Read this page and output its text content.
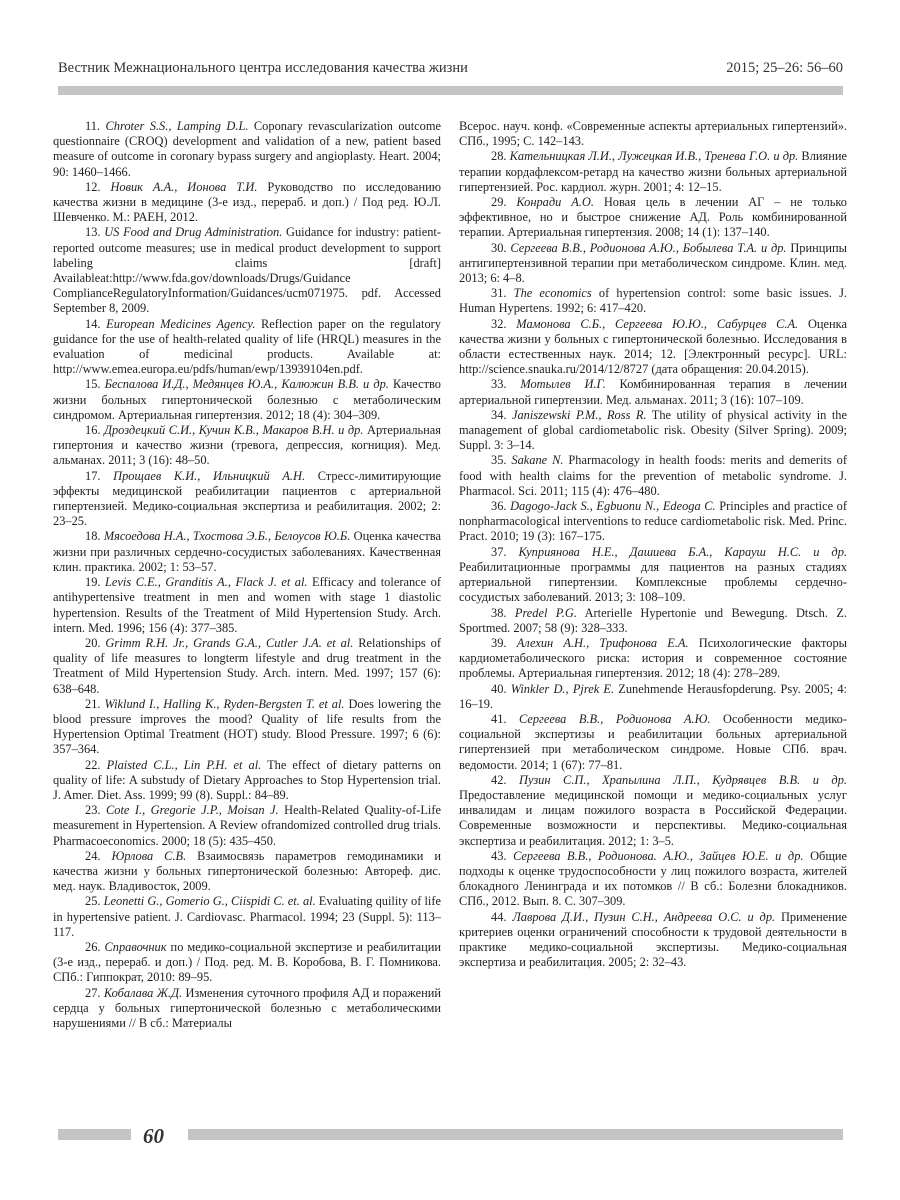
Вестник Межнационального центра исследования качества жизни	2015; 25–26: 56–60

11. Chroter S.S., Lamping D.L. Coponary revascularization outcome questionnaire (CROQ) development and validation of a new, patient based measure of outcome in coronary bypass surgery and angioplasty. Heart. 2004; 90: 1460–1466.

12. Новик А.А., Ионова Т.И. Руководство по исследованию качества жизни в медицине (3-е изд., перераб. и доп.) / Под ред. Ю.Л. Шевченко. М.: РАЕН, 2012.

13. US Food and Drug Administration. Guidance for industry: patient-reported outcome measures; use in medical product development to support labeling claims [draft] Availableat:http://www.fda.gov/downloads/Drugs/Guidance ComplianceRegulatoryInformation/Guidances/ucm071975. pdf. Accessed September 8, 2009.

14. European Medicines Agency. Reflection paper on the regulatory guidance for the use of health-related quality of life (HRQL) measures in the evaluation of medicinal products. Available at: http://www.emea.europa.eu/pdfs/human/ewp/13939104en.pdf.

15. Беспалова И.Д., Медянцев Ю.А., Калюжин В.В. и др. Качество жизни больных гипертонической болезнью с метаболическим синдромом. Артериальная гипертензия. 2012; 18 (4): 304–309.

16. Дроздецкий С.И., Кучин К.В., Макаров В.Н. и др. Артериальная гипертония и качество жизни (тревога, депрессия, когниция). Мед. альманах. 2011; 3 (16): 48–50.

17. Прощаев К.И., Ильницкий А.Н. Стресс-лимитирующие эффекты медицинской реабилитации пациентов с артериальной гипертензией. Медико-социальная экспертиза и реабилитация. 2002; 2: 23–25.

18. Мясоедова Н.А., Тхостова Э.Б., Белоусов Ю.Б. Оценка качества жизни при различных сердечно-сосудистых заболеваниях. Качественная клин. практика. 2002; 1: 53–57.

19. Levis C.E., Granditis A., Flack J. et al. Efficacy and tolerance of antihypertensive treatment in men and women with stage 1 diastolic hypertension. Results of the Treatment of Mild Hypertension Study. Arch. intern. Med. 1996; 156 (4): 377–385.

20. Grimm R.H. Jr., Grands G.A., Cutler J.A. et al. Relationships of quality of life measures to longterm lifestyle and drug treatment in the Treatment of Mild Hypertension Study. Arch. intern. Med. 1997; 157 (6): 638–648.

21. Wiklund I., Halling K., Ryden-Bergsten T. et al. Does lowering the blood pressure improves the mood? Quality of life results from the Hypertension Optimal Treatment (HOT) study. Blood Pressure. 1997; 6 (6): 357–364.

22. Plaisted C.L., Lin P.H. et al. The effect of dietary patterns on quality of life: A substudy of Dietary Approaches to Stop Hypertension trial. J. Amer. Diet. Ass. 1999; 99 (8). Suppl.: 84–89.

23. Cote I., Gregorie J.P., Moisan J. Health-Related Quality-of-Life measurement in Hypertension. A Review ofrandomized controlled drug trials. Pharmacoeconomics. 2000; 18 (5): 435–450.

24. Юрлова С.В. Взаимосвязь параметров гемодинамики и качества жизни у больных гипертонической болезнью: Автореф. дис. мед. наук. Владивосток, 2009.

25. Leonetti G., Gomerio G., Ciispidi C. et. al. Evaluating quility of life in hypertensive patient. J. Cardiovasc. Pharmacol. 1994; 23 (Suppl. 5): 113–117.

26. Справочник по медико-социальной экспертизе и реабилитации (3-е изд., перераб. и доп.) / Под. ред. М. В. Коробова, В. Г. Помникова. СПб.: Гиппократ, 2010: 89–95.

27. Кобалава Ж.Д. Изменения суточного профиля АД и поражений сердца у больных гипертонической болезнью с метаболическими нарушениями // В сб.: Материалы

Всерос. науч. конф. «Современные аспекты артериальных гипертензий». СПб., 1995; С. 142–143.

28. Кательницкая Л.И., Лужецкая И.В., Тренева Г.О. и др. Влияние терапии кордафлексом-ретард на качество жизни больных артериальной гипертензией. Рос. кардиол. журн. 2001; 4: 12–15.

29. Конради А.О. Новая цель в лечении АГ – не только эффективное, но и быстрое снижение АД. Роль комбинированной терапии. Артериальная гипертензия. 2008; 14 (1): 137–140.

30. Сергеева В.В., Родионова А.Ю., Бобылева Т.А. и др. Принципы антигипертензивной терапии при метаболическом синдроме. Клин. мед. 2013; 6: 4–8.

31. The economics of hypertension control: some basic issues. J. Human Hypertens. 1992; 6: 417–420.

32. Мамонова С.Б., Сергеева Ю.Ю., Сабурцев С.А. Оценка качества жизни у больных с гипертонической болезнью. Исследования в области естественных наук. 2014; 12. [Электронный ресурс]. URL: http://science.snauka.ru/2014/12/8727 (дата обращения: 20.04.2015).

33. Мотылев И.Г. Комбинированная терапия в лечении артериальной гипертензии. Мед. альманах. 2011; 3 (16): 107–109.

34. Janiszewski P.M., Ross R. The utility of physical activity in the management of global cardiometabolic risk. Obesity (Silver Spring). 2009; Suppl. 3: 3–14.

35. Sakane N. Pharmacology in health foods: merits and demerits of food with health claims for the prevention of metabolic syndrome. J. Pharmacol. Sci. 2011; 115 (4): 476–480.

36. Dagogo-Jack S., Egbuonu N., Edeoga C. Principles and practice of nonpharmacological interventions to reduce cardiometabolic risk. Med. Princ. Pract. 2010; 19 (3): 167–175.

37. Куприянова Н.Е., Дашиева Б.А., Карауш Н.С. и др. Реабилитационные программы для пациентов на разных стадиях артериальной гипертензии. Комплексные проблемы сердечно-сосудистых заболеваний. 2013; 3: 108–109.

38. Predel P.G. Arterielle Hypertonie und Bewegung. Dtsch. Z. Sportmed. 2007; 58 (9): 328–333.

39. Алехин А.Н., Трифонова Е.А. Психологические факторы кардиометаболического риска: история и современное состояние проблемы. Артериальная гипертензия. 2012; 18 (4): 278–289.

40. Winkler D., Pjrek E. Zunehmende Herausfopderung. Psy. 2005; 4: 16–19.

41. Сергеева В.В., Родионова А.Ю. Особенности медико-социальной экспертизы и реабилитации больных артериальной гипертензией при метаболическом синдроме. Новые СПб. врач. ведомости. 2014; 1 (67): 77–81.

42. Пузин С.П., Храпылина Л.П., Кудрявцев В.В. и др. Предоставление медицинской помощи и медико-социальных услуг инвалидам и лицам пожилого возраста в Российской Федерации. Современные возможности и перспективы. Медико-социальная экспертиза и реабилитация. 2012; 1: 3–5.

43. Сергеева В.В., Родионова. А.Ю., Зайцев Ю.Е. и др. Общие подходы к оценке трудоспособности у лиц пожилого возраста, жителей блокадного Ленинграда и их потомков // В сб.: Болезни блокадников. СПб., 2012. Вып. 8. С. 307–309.

44. Лаврова Д.И., Пузин С.Н., Андреева О.С. и др. Применение критериев оценки ограничений способности к трудовой деятельности в практике медико-социальной экспертизы. Медико-социальная экспертиза и реабилитация. 2005; 2: 32–43.

60
